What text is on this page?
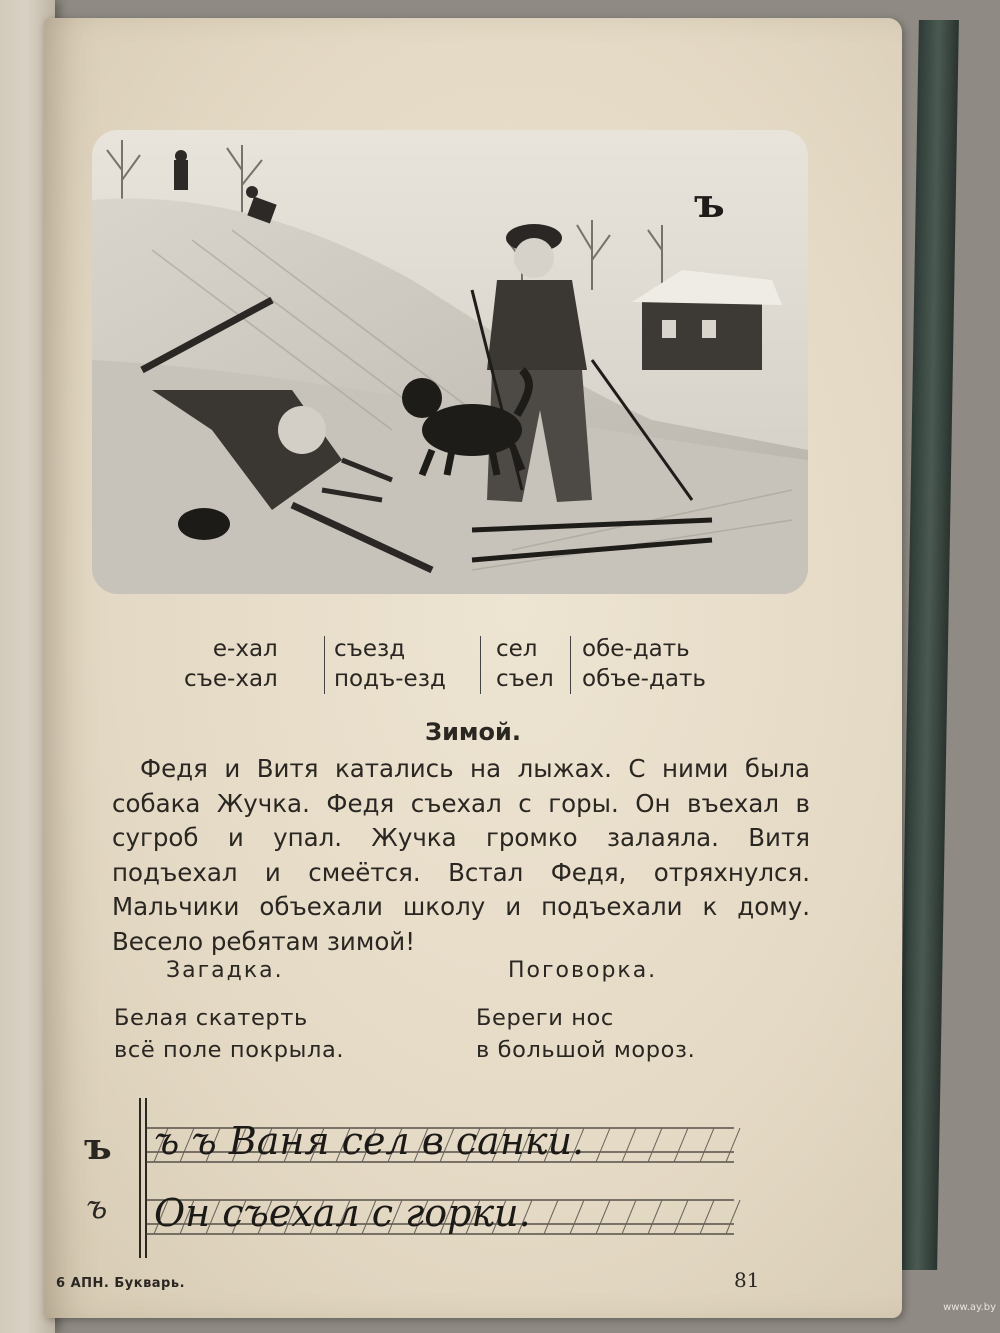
ъ
е-хал
съе-хал
съезд
подъ-езд
сел
съел
обе-дать
объе-дать
Зимой.

Федя и Витя катались на лыжах. С ними была собака Жучка. Федя съехал с горы. Он въехал в сугроб и упал. Жучка громко залаяла. Витя подъехал и смеётся. Встал Федя, отряхнулся. Мальчики объехали школу и подъехали к дому. Весело ребятам зимой!

Загадка.	Поговорка.
Белая скатерть
всё поле покрыла.
Береги нос
в большой мороз.
ъ
ъ
ъ ъ Ваня сел в санки.
Он съехал с горки.
6 АПН. Букварь.	81
www.ay.by
